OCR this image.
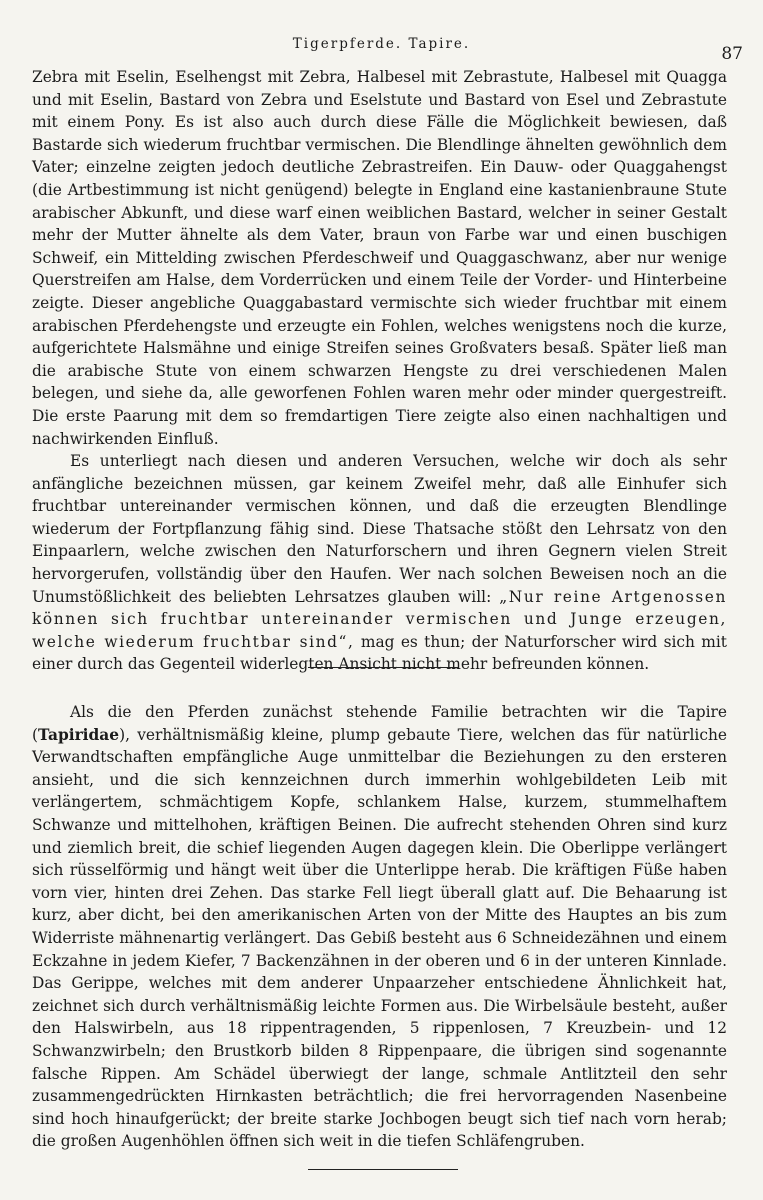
Tigerpferde. Tapire.	87

Zebra mit Eselin, Eselhengst mit Zebra, Halbesel mit Zebrastute, Halbesel mit Quagga und mit Eselin, Bastard von Zebra und Eselstute und Bastard von Esel und Zebrastute mit einem Pony. Es ist also auch durch diese Fälle die Möglichkeit bewiesen, daß Bastarde sich wiederum fruchtbar vermischen. Die Blendlinge ähnelten gewöhnlich dem Vater; einzelne zeigten jedoch deutliche Zebrastreifen. Ein Dauw- oder Quaggahengst (die Artbestimmung ist nicht genügend) belegte in England eine kastanienbraune Stute arabischer Abkunft, und diese warf einen weiblichen Bastard, welcher in seiner Gestalt mehr der Mutter ähnelte als dem Vater, braun von Farbe war und einen buschigen Schweif, ein Mittelding zwischen Pferdeschweif und Quaggaschwanz, aber nur wenige Querstreifen am Halse, dem Vorderrücken und einem Teile der Vorder- und Hinterbeine zeigte. Dieser angebliche Quaggabastard vermischte sich wieder fruchtbar mit einem arabischen Pferdehengste und erzeugte ein Fohlen, welches wenigstens noch die kurze, aufgerichtete Halsmähne und einige Streifen seines Großvaters besaß. Später ließ man die arabische Stute von einem schwarzen Hengste zu drei verschiedenen Malen belegen, und siehe da, alle geworfenen Fohlen waren mehr oder minder quergestreift. Die erste Paarung mit dem so fremdartigen Tiere zeigte also einen nachhaltigen und nachwirkenden Einfluß.

Es unterliegt nach diesen und anderen Versuchen, welche wir doch als sehr anfängliche bezeichnen müssen, gar keinem Zweifel mehr, daß alle Einhufer sich fruchtbar untereinander vermischen können, und daß die erzeugten Blendlinge wiederum der Fortpflanzung fähig sind. Diese Thatsache stößt den Lehrsatz von den Einpaarlern, welche zwischen den Naturforschern und ihren Gegnern vielen Streit hervorgerufen, vollständig über den Haufen. Wer nach solchen Beweisen noch an die Unumstößlichkeit des beliebten Lehrsatzes glauben will: „Nur reine Artgenossen können sich fruchtbar untereinander vermischen und Junge erzeugen, welche wiederum fruchtbar sind“, mag es thun; der Naturforscher wird sich mit einer durch das Gegenteil widerlegten Ansicht nicht mehr befreunden können.

Als die den Pferden zunächst stehende Familie betrachten wir die Tapire (Tapiridae), verhältnismäßig kleine, plump gebaute Tiere, welchen das für natürliche Verwandtschaften empfängliche Auge unmittelbar die Beziehungen zu den ersteren ansieht, und die sich kennzeichnen durch immerhin wohlgebildeten Leib mit verlängertem, schmächtigem Kopfe, schlankem Halse, kurzem, stummelhaftem Schwanze und mittelhohen, kräftigen Beinen. Die aufrecht stehenden Ohren sind kurz und ziemlich breit, die schief liegenden Augen dagegen klein. Die Oberlippe verlängert sich rüsselförmig und hängt weit über die Unterlippe herab. Die kräftigen Füße haben vorn vier, hinten drei Zehen. Das starke Fell liegt überall glatt auf. Die Behaarung ist kurz, aber dicht, bei den amerikanischen Arten von der Mitte des Hauptes an bis zum Widerriste mähnenartig verlängert. Das Gebiß besteht aus 6 Schneidezähnen und einem Eckzahne in jedem Kiefer, 7 Backenzähnen in der oberen und 6 in der unteren Kinnlade. Das Gerippe, welches mit dem anderer Unpaarzeher entschiedene Ähnlichkeit hat, zeichnet sich durch verhältnismäßig leichte Formen aus. Die Wirbelsäule besteht, außer den Halswirbeln, aus 18 rippentragenden, 5 rippenlosen, 7 Kreuzbein- und 12 Schwanzwirbeln; den Brustkorb bilden 8 Rippenpaare, die übrigen sind sogenannte falsche Rippen. Am Schädel überwiegt der lange, schmale Antlitzteil den sehr zusammengedrückten Hirnkasten beträchtlich; die frei hervorragenden Nasenbeine sind hoch hinaufgerückt; der breite starke Jochbogen beugt sich tief nach vorn herab; die großen Augenhöhlen öffnen sich weit in die tiefen Schläfengruben.
